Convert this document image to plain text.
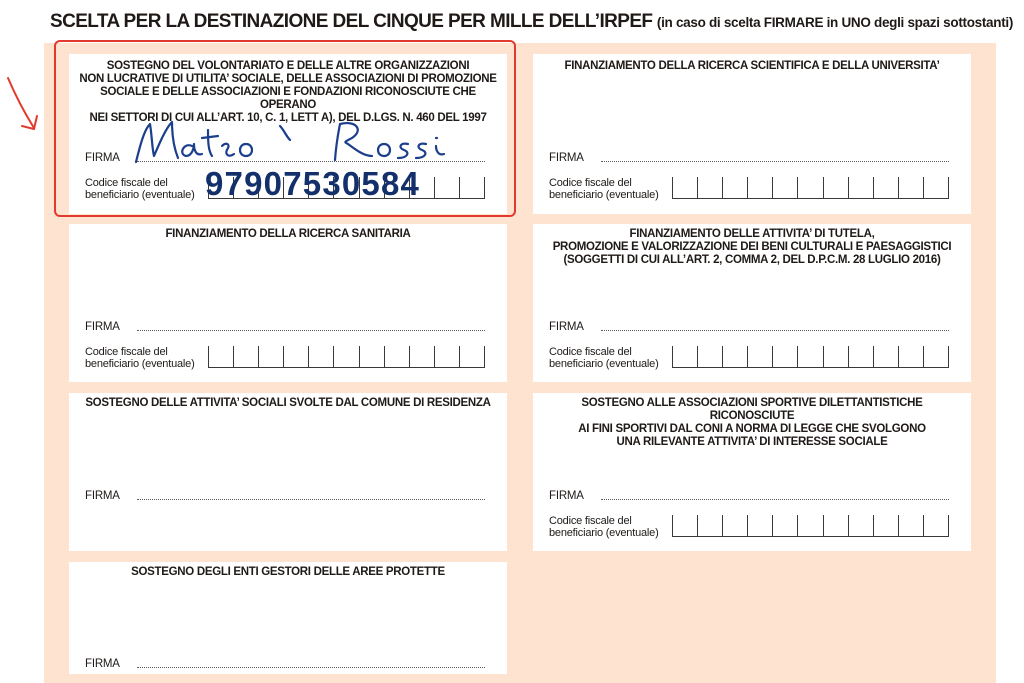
SCELTA PER LA DESTINAZIONE DEL CINQUE PER MILLE DELL’IRPEF (in caso di scelta FIRMARE in UNO degli spazi sottostanti)
SOSTEGNO DEL VOLONTARIATO E DELLE ALTRE ORGANIZZAZIONI
NON LUCRATIVE DI UTILITA’ SOCIALE, DELLE ASSOCIAZIONI DI PROMOZIONE
SOCIALE E DELLE ASSOCIAZIONI E FONDAZIONI RICONOSCIUTE CHE OPERANO
NEI SETTORI DI CUI ALL’ART. 10, C. 1, LETT A), DEL D.LGS. N. 460 DEL 1997
FIRMA
Codice fiscale del
beneficiario (eventuale)
FINANZIAMENTO DELLA RICERCA SCIENTIFICA E DELLA UNIVERSITA’
FIRMA
Codice fiscale del
beneficiario (eventuale)
FINANZIAMENTO DELLA RICERCA SANITARIA
FIRMA
Codice fiscale del
beneficiario (eventuale)
FINANZIAMENTO DELLE ATTIVITA’ DI TUTELA,
PROMOZIONE E VALORIZZAZIONE DEI BENI CULTURALI E PAESAGGISTICI
(SOGGETTI DI CUI ALL’ART. 2, COMMA 2, DEL D.P.C.M. 28 LUGLIO 2016)
FIRMA
Codice fiscale del
beneficiario (eventuale)
SOSTEGNO DELLE ATTIVITA’ SOCIALI SVOLTE DAL COMUNE DI RESIDENZA
FIRMA
SOSTEGNO ALLE ASSOCIAZIONI SPORTIVE DILETTANTISTICHE RICONOSCIUTE
AI FINI SPORTIVI DAL CONI A NORMA DI LEGGE CHE SVOLGONO
UNA RILEVANTE ATTIVITA’ DI INTERESSE SOCIALE
FIRMA
Codice fiscale del
beneficiario (eventuale)
SOSTEGNO DEGLI ENTI GESTORI DELLE AREE PROTETTE
FIRMA
97907530584
